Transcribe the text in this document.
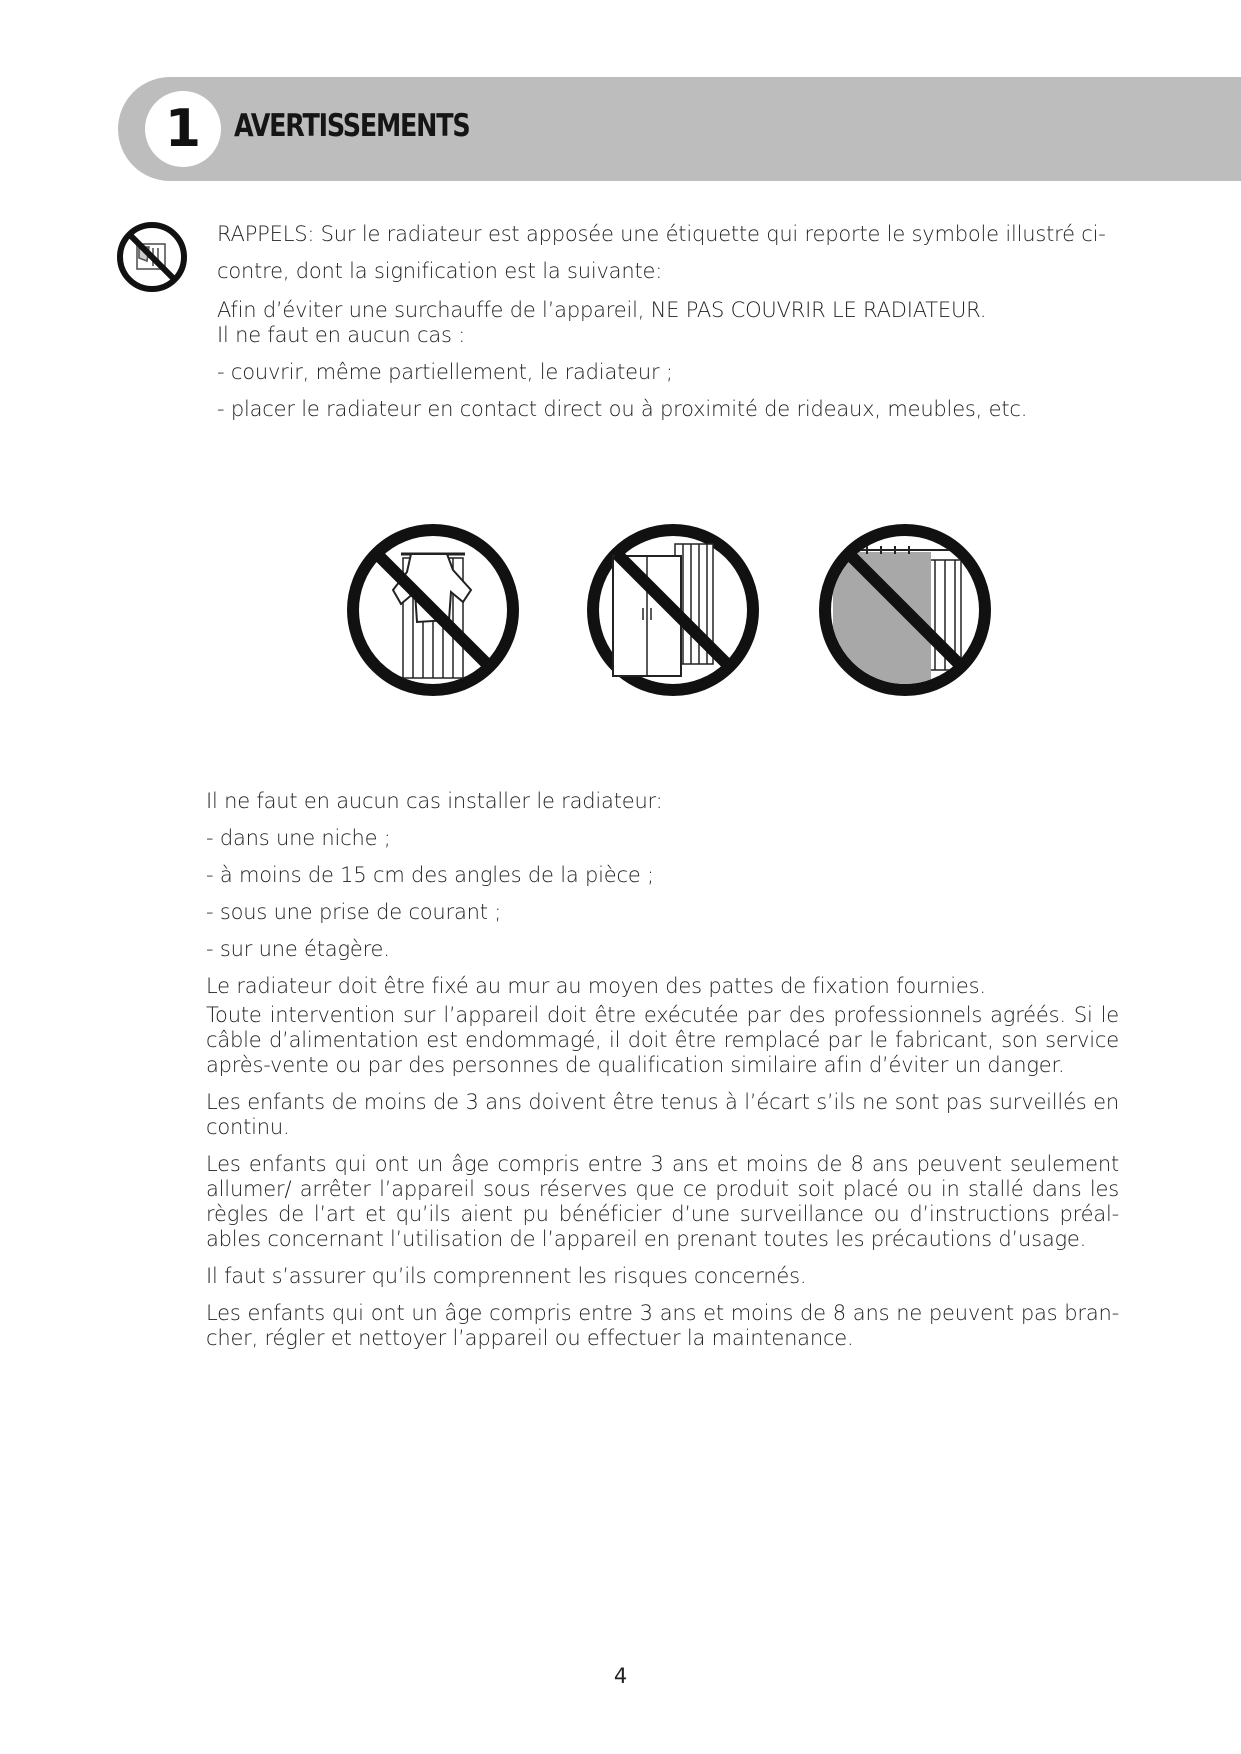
1	AVERTISSEMENTS

RAPPELS: Sur le radiateur est apposée une étiquette qui reporte le symbole illustré ci-contre, dont la signification est la suivante:

Afin d’éviter une surchauffe de l’appareil, NE PAS COUVRIR LE RADIATEUR.

Il ne faut en aucun cas :

- couvrir, même partiellement, le radiateur ;

- placer le radiateur en contact direct ou à proximité de rideaux, meubles, etc.

Il ne faut en aucun cas installer le radiateur:

- dans une niche ;

- à moins de 15 cm des angles de la pièce ;

- sous une prise de courant ;

- sur une étagère.

Le radiateur doit être fixé au mur au moyen des pattes de fixation fournies.

Toute intervention sur l’appareil doit être exécutée par des professionnels agréés. Si le câble d’alimentation est endommagé, il doit être remplacé par le fabricant, son service après-vente ou par des personnes de qualification similaire afin d’éviter un danger.

Les enfants de moins de 3 ans doivent être tenus à l’écart s’ils ne sont pas surveillés en continu.

Les enfants qui ont un âge compris entre 3 ans et moins de 8 ans peuvent seulement allumer/ arrêter l’appareil sous réserves que ce produit soit placé ou in stallé dans les règles de l’art et qu’ils aient pu bénéficier d’une surveillance ou d’instructions préal-ables concernant l’utilisation de l’appareil en prenant toutes les précautions d’usage.

Il faut s’assurer qu’ils comprennent les risques concernés.

Les enfants qui ont un âge compris entre 3 ans et moins de 8 ans ne peuvent pas bran-cher, régler et nettoyer l’appareil ou effectuer la maintenance.

4
